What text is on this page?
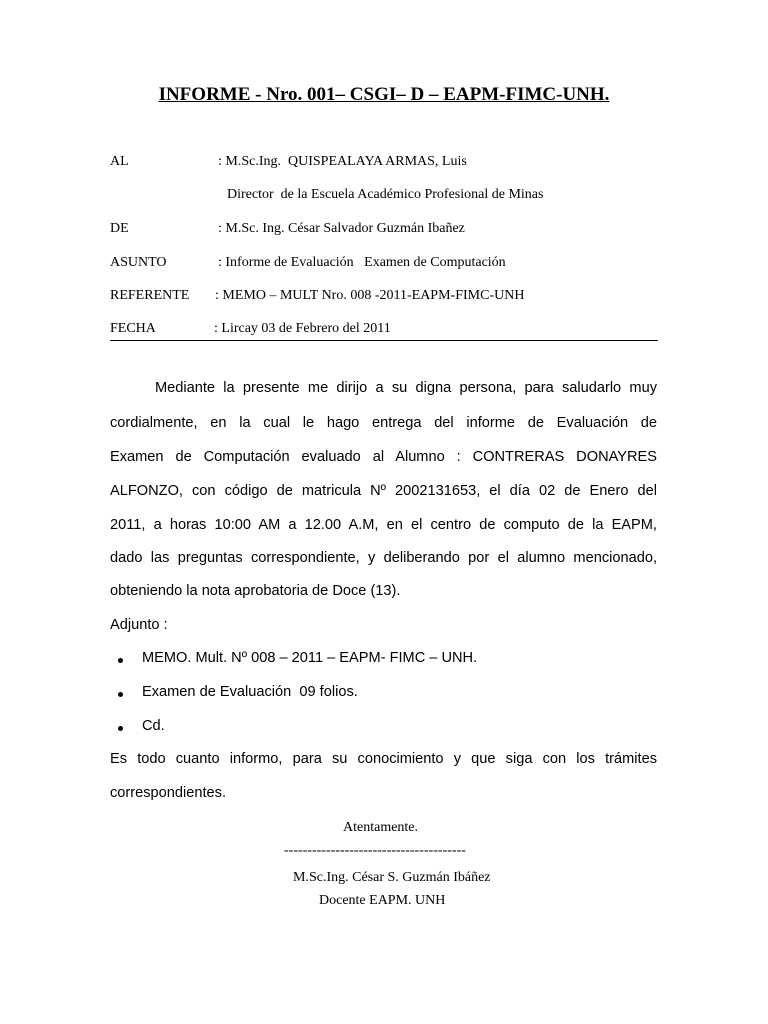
INFORME - Nro. 001– CSGI– D – EAPM-FIMC-UNH.
AL	: M.Sc.Ing.  QUISPEALAYA ARMAS, Luis
Director  de la Escuela Académico Profesional de Minas
DE	: M.Sc. Ing. César Salvador Guzmán Ibañez
ASUNTO	: Informe de Evaluación   Examen de Computación
REFERENTE : MEMO – MULT Nro. 008 -2011-EAPM-FIMC-UNH
FECHA	: Lircay 03 de Febrero del 2011
Mediante la presente me dirijo a su digna persona, para saludarlo muy
cordialmente, en la cual le hago entrega del informe de Evaluación de
Examen de Computación evaluado al Alumno : CONTRERAS DONAYRES
ALFONZO, con código de matricula Nº 2002131653, el día 02 de Enero del
2011, a horas 10:00 AM a 12.00 A.M, en el centro de computo de la EAPM,
dado las preguntas correspondiente, y deliberando por el alumno mencionado,
obteniendo la nota aprobatoria de Doce (13).
Adjunto :
MEMO. Mult. Nº 008 – 2011 – EAPM- FIMC – UNH.
Examen de Evaluación  09 folios.
Cd.
Es todo cuanto informo, para su conocimiento y que siga con los trámites
correspondientes.
Atentamente.
---------------------------------------
M.Sc.Ing. César S. Guzmán Ibáñez
Docente EAPM. UNH
